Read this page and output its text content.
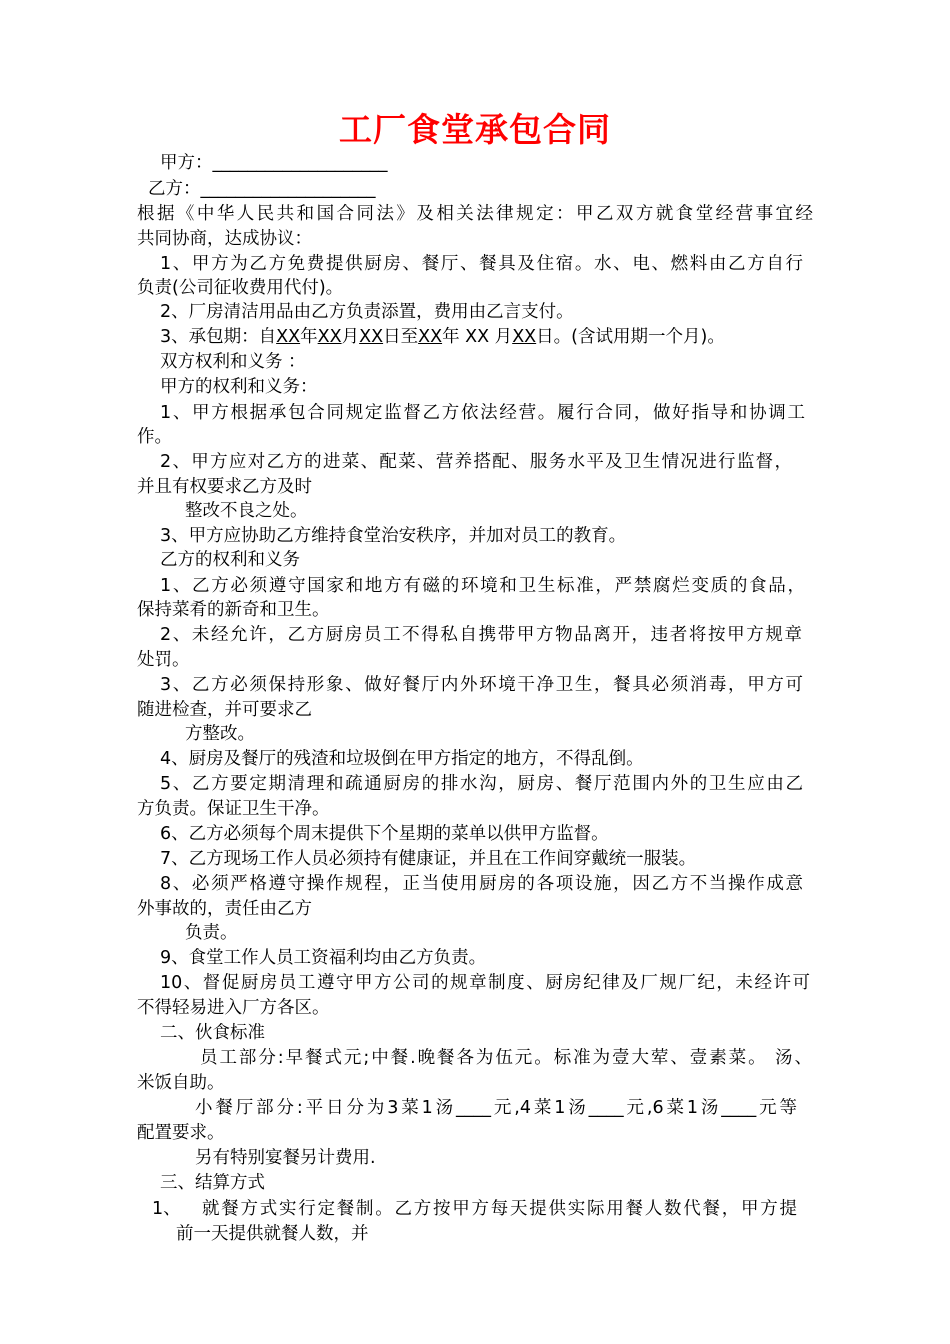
工厂食堂承包合同
甲方：____________________
乙方：____________________
根据《中华人民共和国合同法》及相关法律规定：甲乙双方就食堂经营事宜经
共同协商，达成协议：
1、甲方为乙方免费提供厨房、餐厅、餐具及住宿。水、电、燃料由乙方自行
负责(公司征收费用代付)。
2、厂房清洁用品由乙方负责添置，费用由乙言支付。
3、承包期：自XX年XX月XX日至XX年 XX 月XX日。(含试用期一个月)。
双方权利和义务 ：
甲方的权利和义务：
1、甲方根据承包合同规定监督乙方依法经营。履行合同，做好指导和协调工
作。
2、甲方应对乙方的进菜、配菜、营养搭配、服务水平及卫生情况进行监督，
并且有权要求乙方及时
整改不良之处。
3、甲方应协助乙方维持食堂治安秩序，并加对员工的教育。
乙方的权利和义务
1、乙方必须遵守国家和地方有磁的环境和卫生标准，严禁腐烂变质的食品，
保持菜肴的新奇和卫生。
2、未经允许，乙方厨房员工不得私自携带甲方物品离开，违者将按甲方规章
处罚。
3、乙方必须保持形象、做好餐厅内外环境干净卫生，餐具必须消毒，甲方可
随进检查，并可要求乙
方整改。
4、厨房及餐厅的残渣和垃圾倒在甲方指定的地方，不得乱倒。
5、乙方要定期清理和疏通厨房的排水沟，厨房、餐厅范围内外的卫生应由乙
方负责。保证卫生干净。
6、乙方必须每个周末提供下个星期的菜单以供甲方监督。
7、乙方现场工作人员必须持有健康证，并且在工作间穿戴统一服装。
8、必须严格遵守操作规程，正当使用厨房的各项设施，因乙方不当操作成意
外事故的，责任由乙方
负责。
9、食堂工作人员工资福利均由乙方负责。
10、督促厨房员工遵守甲方公司的规章制度、厨房纪律及厂规厂纪，未经许可
不得轻易进入厂方各区。
二、伙食标准
员工部分:早餐式元;中餐.晚餐各为伍元。标准为壹大荤、壹素菜。 汤、
米饭自助。
小餐厅部分:平日分为3菜1汤____元,4菜1汤____元,6菜1汤____元等
配置要求。
另有特别宴餐另计费用.
三、结算方式
1、 就餐方式实行定餐制。乙方按甲方每天提供实际用餐人数代餐，甲方提
前一天提供就餐人数，并
